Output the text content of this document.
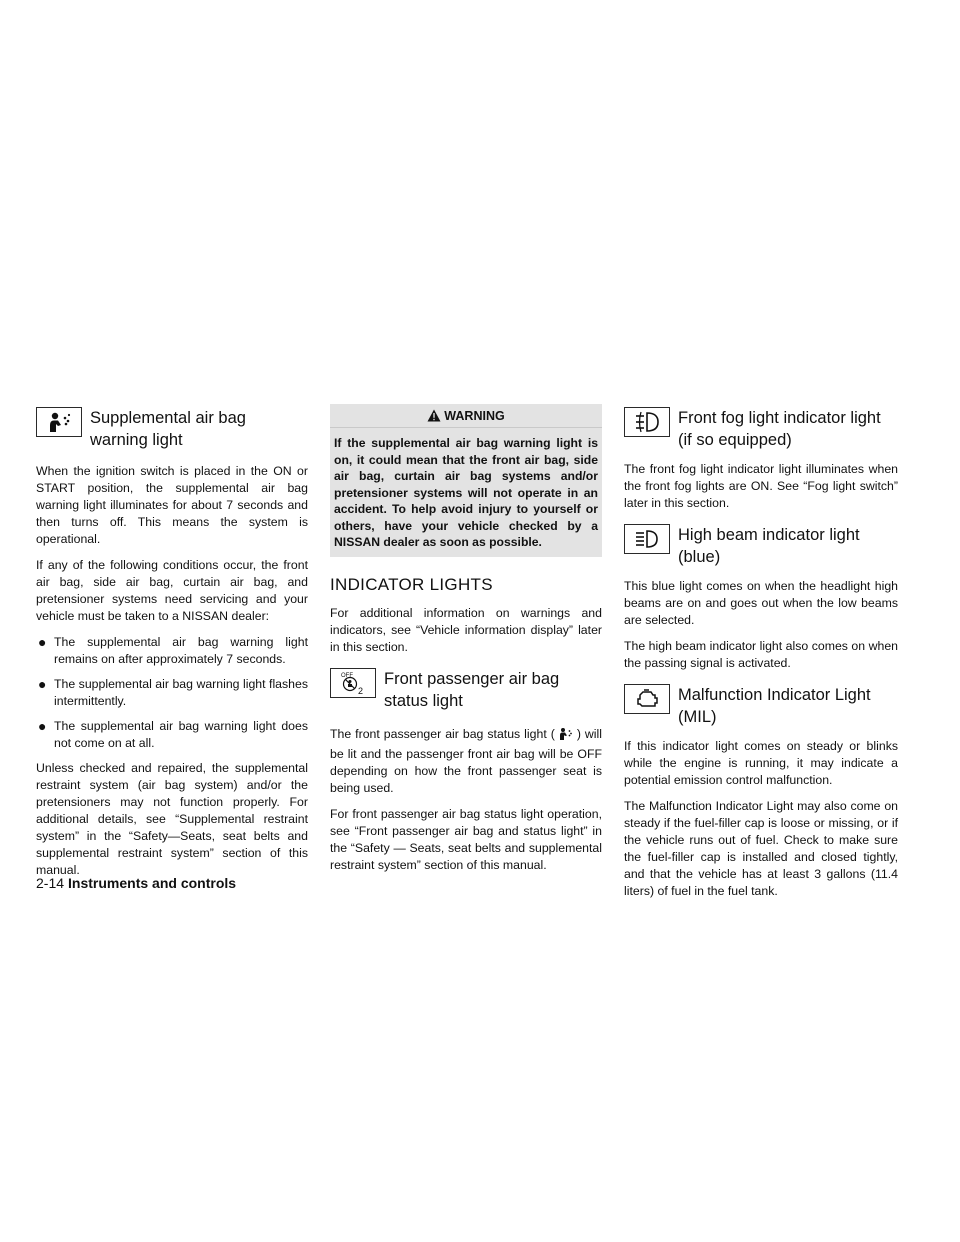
Supplemental air bag warning light

When the ignition switch is placed in the ON or START position, the supplemental air bag warning light illuminates for about 7 seconds and then turns off. This means the system is operational.

If any of the following conditions occur, the front air bag, side air bag, curtain air bag, and pretensioner systems need servicing and your vehicle must be taken to a NISSAN dealer:

● The supplemental air bag warning light remains on after approximately 7 seconds.
● The supplemental air bag warning light flashes intermittently.
● The supplemental air bag warning light does not come on at all.

Unless checked and repaired, the supplemental restraint system (air bag system) and/or the pretensioners may not function properly. For additional details, see “Supplemental restraint system” in the “Safety—Seats, seat belts and supplemental restraint system” section of this manual.

WARNING
If the supplemental air bag warning light is on, it could mean that the front air bag, side air bag, curtain air bag systems and/or pretensioner systems will not operate in an accident. To help avoid injury to yourself or others, have your vehicle checked by a NISSAN dealer as soon as possible.
INDICATOR LIGHTS

For additional information on warnings and indicators, see “Vehicle information display” later in this section.

OFF
2
Front passenger air bag status light

The front passenger air bag status light ( ) will be lit and the passenger front air bag will be OFF depending on how the front passenger seat is being used.

For front passenger air bag status light operation, see “Front passenger air bag and status light” in the “Safety — Seats, seat belts and supplemental restraint system” section of this manual.

Front fog light indicator light (if so equipped)

The front fog light indicator light illuminates when the front fog lights are ON. See “Fog light switch” later in this section.

High beam indicator light (blue)

This blue light comes on when the headlight high beams are on and goes out when the low beams are selected.

The high beam indicator light also comes on when the passing signal is activated.

Malfunction Indicator Light (MIL)

If this indicator light comes on steady or blinks while the engine is running, it may indicate a potential emission control malfunction.

The Malfunction Indicator Light may also come on steady if the fuel-filler cap is loose or missing, or if the vehicle runs out of fuel. Check to make sure the fuel-filler cap is installed and closed tightly, and that the vehicle has at least 3 gallons (11.4 liters) of fuel in the fuel tank.

2-14 Instruments and controls
